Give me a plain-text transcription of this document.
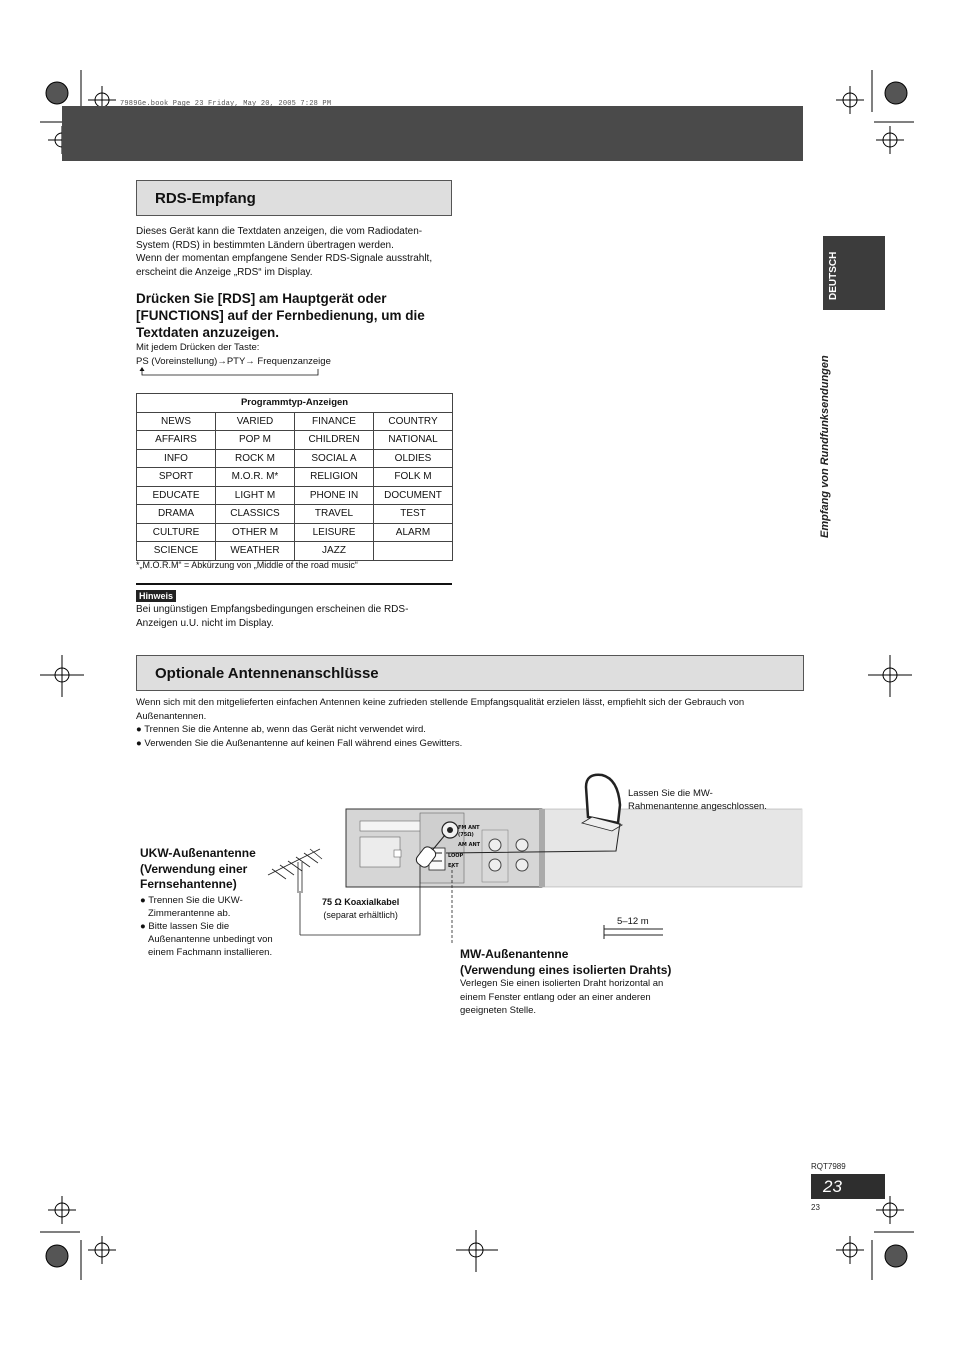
7989Ge.book Page 23 Friday, May 20, 2005 7:28 PM
DEUTSCH
Empfang von Rundfunksendungen
RDS-Empfang
Dieses Gerät kann die Textdaten anzeigen, die vom Radiodaten-
System (RDS) in bestimmten Ländern übertragen werden.
Wenn der momentan empfangene Sender RDS-Signale ausstrahlt,
erscheint die Anzeige „RDS“ im Display.
Drücken Sie [RDS] am Hauptgerät oder
[FUNCTIONS] auf der Fernbedienung, um die
Textdaten anzuzeigen.
Mit jedem Drücken der Taste:
PS (Voreinstellung)→PTY→ Frequenzanzeige
Programmtyp-Anzeigen			
NEWS	VARIED	FINANCE	COUNTRY
AFFAIRS	POP M	CHILDREN	NATIONAL
INFO	ROCK M	SOCIAL A	OLDIES
SPORT	M.O.R. M*	RELIGION	FOLK M
EDUCATE	LIGHT M	PHONE IN	DOCUMENT
DRAMA	CLASSICS	TRAVEL	TEST
CULTURE	OTHER M	LEISURE	ALARM
SCIENCE	WEATHER	JAZZ	
*„M.O.R.M“ = Abkürzung von „Middle of the road music“
Hinweis
Bei ungünstigen Empfangsbedingungen erscheinen die RDS-
Anzeigen u.U. nicht im Display.
Optionale Antennenanschlüsse
Wenn sich mit den mitgelieferten einfachen Antennen keine zufrieden stellende Empfangsqualität erzielen lässt, empfiehlt sich der Gebrauch von
Außenantennen.
● Trennen Sie die Antenne ab, wenn das Gerät nicht verwendet wird.
● Verwenden Sie die Außenantenne auf keinen Fall während eines Gewitters.
FM ANT
(75Ω)
AM ANT
LOOP
EXT
Lassen Sie die MW-
Rahmenantenne angeschlossen.
UKW-Außenantenne
(Verwendung einer
Fernsehantenne)
● Trennen Sie die UKW-
Zimmerantenne ab.
● Bitte lassen Sie die
Außenantenne unbedingt von
einem Fachmann installieren.
75 Ω Koaxialkabel
(separat erhältlich)
5–12 m
MW-Außenantenne
(Verwendung eines isolierten Drahts)
Verlegen Sie einen isolierten Draht horizontal an
einem Fenster entlang oder an einer anderen
geeigneten Stelle.
RQT7989
23
23
